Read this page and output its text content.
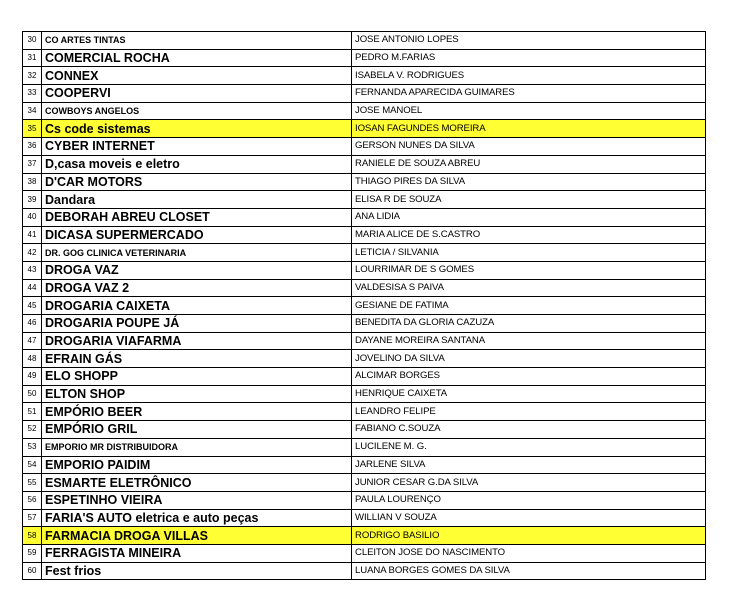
30	CO ARTES TINTAS	JOSE ANTONIO LOPES
31	COMERCIAL ROCHA	PEDRO M.FARIAS
32	CONNEX	ISABELA V. RODRIGUES
33	COOPERVI	FERNANDA APARECIDA GUIMARES
34	COWBOYS ANGELOS	JOSE MANOEL
35	Cs code sistemas	IOSAN FAGUNDES MOREIRA
36	CYBER INTERNET	GERSON NUNES DA SILVA
37	D,casa moveis e eletro	RANIELE DE SOUZA ABREU
38	D'CAR MOTORS	THIAGO PIRES DA SILVA
39	Dandara	ELISA R DE SOUZA
40	DEBORAH ABREU CLOSET	ANA LIDIA
41	DICASA SUPERMERCADO	MARIA ALICE DE S.CASTRO
42	DR. GOG CLINICA VETERINARIA	LETICIA / SILVANIA
43	DROGA VAZ	LOURRIMAR DE S GOMES
44	DROGA VAZ 2	VALDESISA S PAIVA
45	DROGARIA CAIXETA	GESIANE DE FATIMA
46	DROGARIA POUPE JÁ	BENEDITA DA GLORIA CAZUZA
47	DROGARIA VIAFARMA	DAYANE MOREIRA SANTANA
48	EFRAIN GÁS	JOVELINO DA SILVA
49	ELO SHOPP	ALCIMAR BORGES
50	ELTON SHOP	HENRIQUE CAIXETA
51	EMPÓRIO BEER	LEANDRO FELIPE
52	EMPÓRIO GRIL	FABIANO C.SOUZA
53	EMPORIO MR DISTRIBUIDORA	LUCILENE M. G.
54	EMPORIO PAIDIM	JARLENE SILVA
55	ESMARTE ELETRÔNICO	JUNIOR CESAR G.DA SILVA
56	ESPETINHO VIEIRA	PAULA LOURENÇO
57	FARIA'S AUTO eletrica e auto peças	WILLIAN V SOUZA
58	FARMACIA DROGA VILLAS	RODRIGO BASILIO
59	FERRAGISTA MINEIRA	CLEITON JOSE DO NASCIMENTO
60	Fest frios	LUANA BORGES GOMES DA SILVA
